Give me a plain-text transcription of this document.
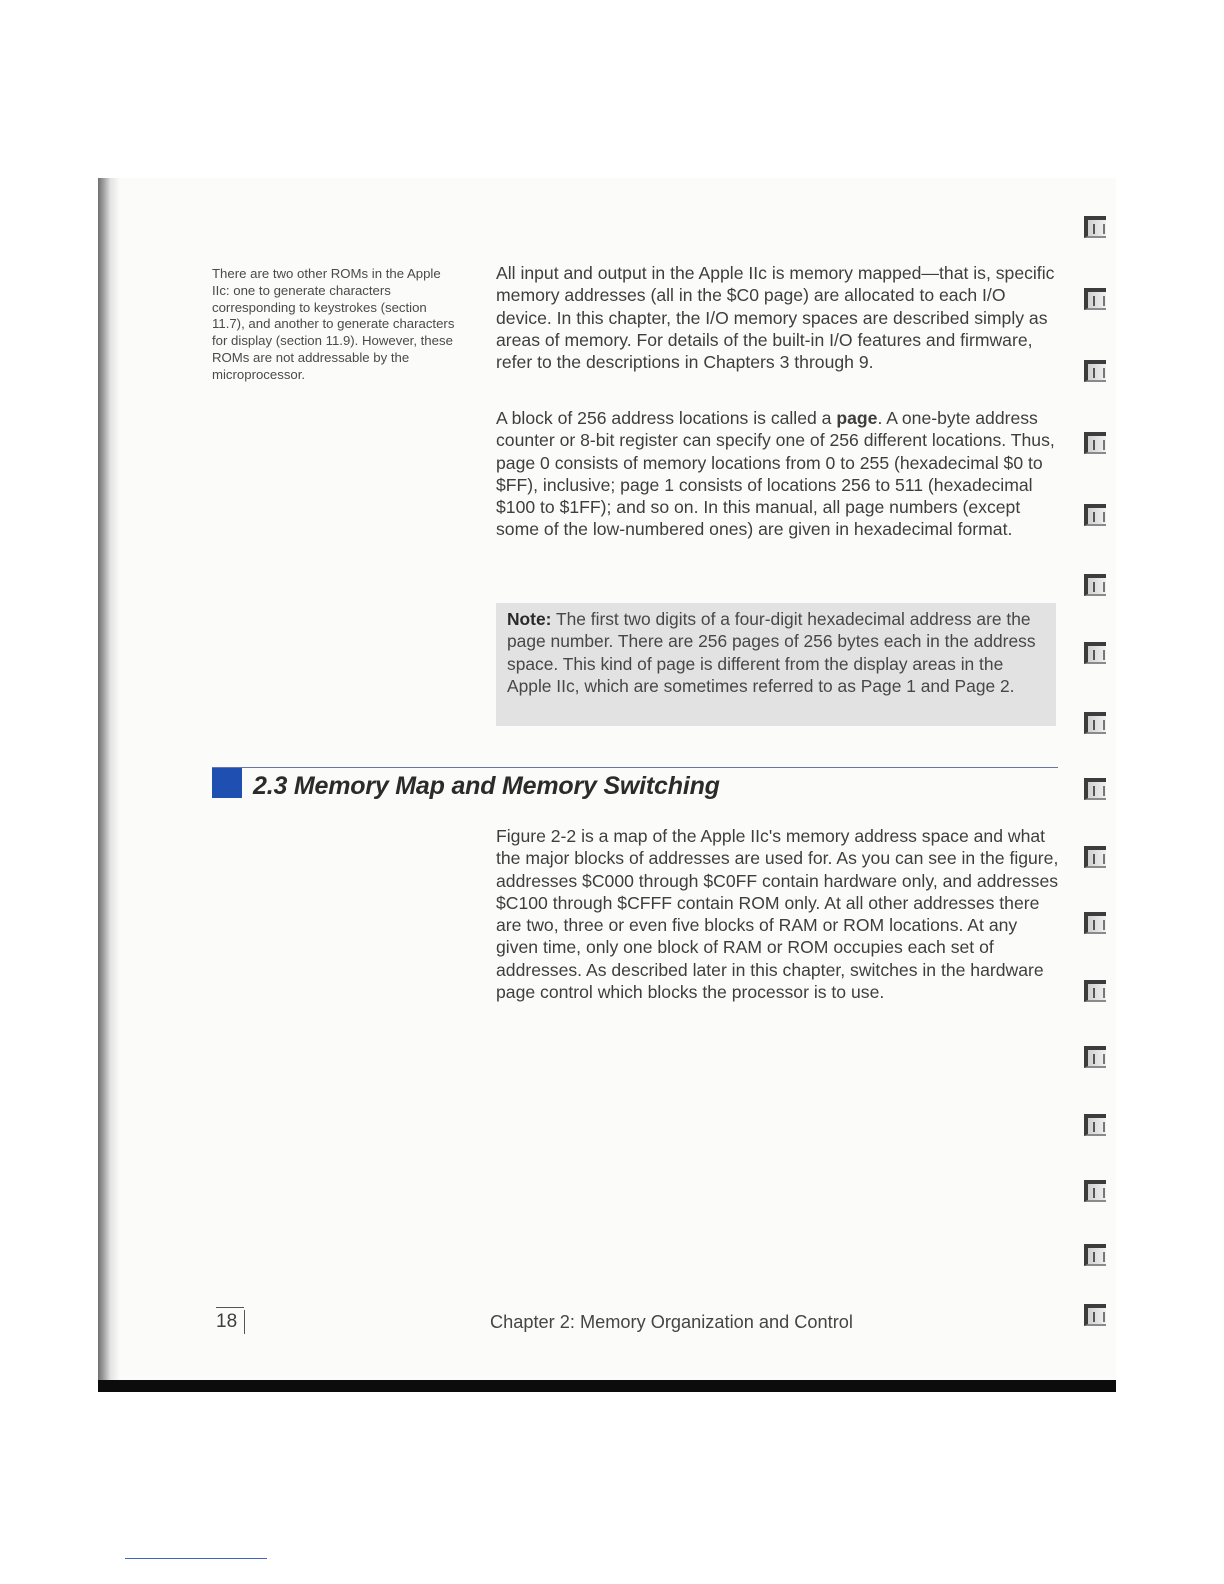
There are two other ROMs in the Apple IIc: one to generate characters corresponding to keystrokes (section 11.7), and another to generate characters for display (section 11.9). However, these ROMs are not addressable by the microprocessor.

All input and output in the Apple IIc is memory mapped—that is, specific memory addresses (all in the $C0 page) are allocated to each I/O device. In this chapter, the I/O memory spaces are described simply as areas of memory. For details of the built-in I/O features and firmware, refer to the descriptions in Chapters 3 through 9.

A block of 256 address locations is called a page. A one-byte address counter or 8-bit register can specify one of 256 different locations. Thus, page 0 consists of memory locations from 0 to 255 (hexadecimal $0 to $FF), inclusive; page 1 consists of locations 256 to 511 (hexadecimal $100 to $1FF); and so on. In this manual, all page numbers (except some of the low-numbered ones) are given in hexadecimal format.

Note: The first two digits of a four-digit hexadecimal address are the page number. There are 256 pages of 256 bytes each in the address space. This kind of page is different from the display areas in the Apple IIc, which are sometimes referred to as Page 1 and Page 2.
2.3 Memory Map and Memory Switching

Figure 2-2 is a map of the Apple IIc's memory address space and what the major blocks of addresses are used for. As you can see in the figure, addresses $C000 through $C0FF contain hardware only, and addresses $C100 through $CFFF contain ROM only. At all other addresses there are two, three or even five blocks of RAM or ROM locations. At any given time, only one block of RAM or ROM occupies each set of addresses. As described later in this chapter, switches in the hardware page control which blocks the processor is to use.

18	Chapter 2: Memory Organization and Control
